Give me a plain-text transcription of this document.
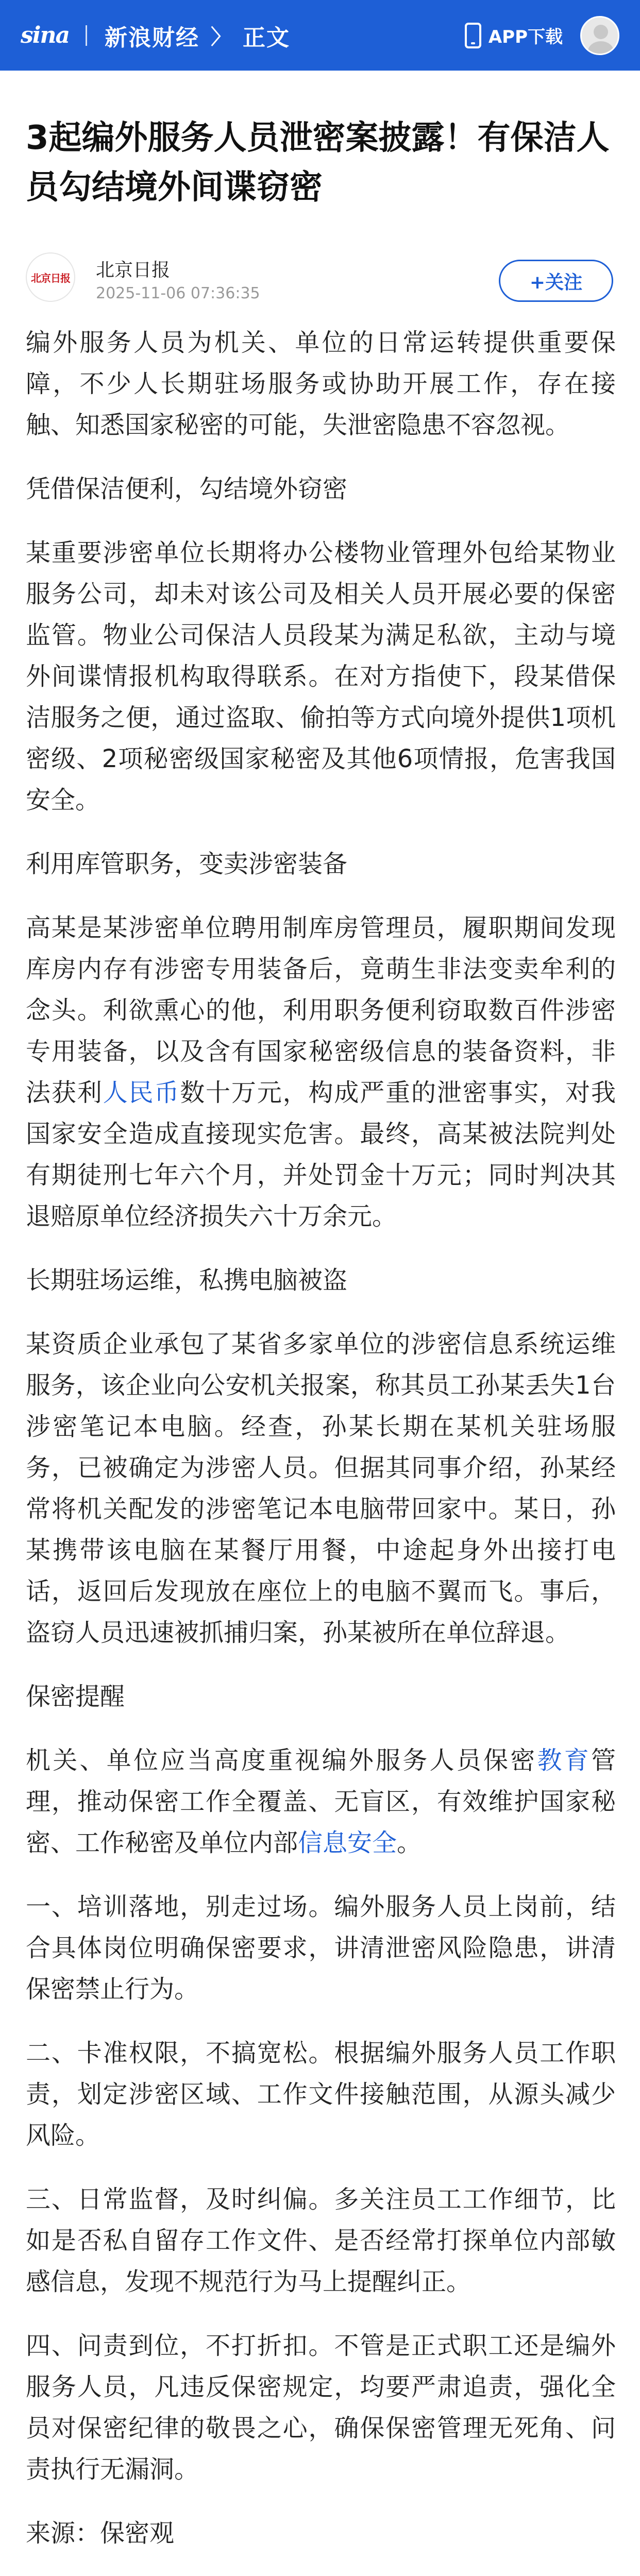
sina 新浪财经 〉 正文	APP下载
3起编外服务人员泄密案披露！有保洁人员勾结境外间谍窃密
北京日报 北京日报
2025-11-06 07:36:35
+关注

编外服务人员为机关、单位的日常运转提供重要保障，不少人长期驻场服务或协助开展工作，存在接触、知悉国家秘密的可能，失泄密隐患不容忽视。

凭借保洁便利，勾结境外窃密

某重要涉密单位长期将办公楼物业管理外包给某物业服务公司，却未对该公司及相关人员开展必要的保密监管。物业公司保洁人员段某为满足私欲，主动与境外间谍情报机构取得联系。在对方指使下，段某借保洁服务之便，通过盗取、偷拍等方式向境外提供1项机密级、2项秘密级国家秘密及其他6项情报，危害我国安全。

利用库管职务，变卖涉密装备

高某是某涉密单位聘用制库房管理员，履职期间发现库房内存有涉密专用装备后，竟萌生非法变卖牟利的念头。利欲熏心的他，利用职务便利窃取数百件涉密专用装备，以及含有国家秘密级信息的装备资料，非法获利人民币数十万元，构成严重的泄密事实，对我国家安全造成直接现实危害。最终，高某被法院判处有期徒刑七年六个月，并处罚金十万元；同时判决其退赔原单位经济损失六十万余元。

长期驻场运维，私携电脑被盗

某资质企业承包了某省多家单位的涉密信息系统运维服务，该企业向公安机关报案，称其员工孙某丢失1台涉密笔记本电脑。经查，孙某长期在某机关驻场服务，已被确定为涉密人员。但据其同事介绍，孙某经常将机关配发的涉密笔记本电脑带回家中。某日，孙某携带该电脑在某餐厅用餐，中途起身外出接打电话，返回后发现放在座位上的电脑不翼而飞。事后，盗窃人员迅速被抓捕归案，孙某被所在单位辞退。

保密提醒

机关、单位应当高度重视编外服务人员保密教育管理，推动保密工作全覆盖、无盲区，有效维护国家秘密、工作秘密及单位内部信息安全。

一、培训落地，别走过场。编外服务人员上岗前，结合具体岗位明确保密要求，讲清泄密风险隐患，讲清保密禁止行为。

二、卡准权限，不搞宽松。根据编外服务人员工作职责，划定涉密区域、工作文件接触范围，从源头减少风险。

三、日常监督，及时纠偏。多关注员工工作细节，比如是否私自留存工作文件、是否经常打探单位内部敏感信息，发现不规范行为马上提醒纠正。

四、问责到位，不打折扣。不管是正式职工还是编外服务人员，凡违反保密规定，均要严肃追责，强化全员对保密纪律的敬畏之心，确保保密管理无死角、问责执行无漏洞。

来源：保密观
